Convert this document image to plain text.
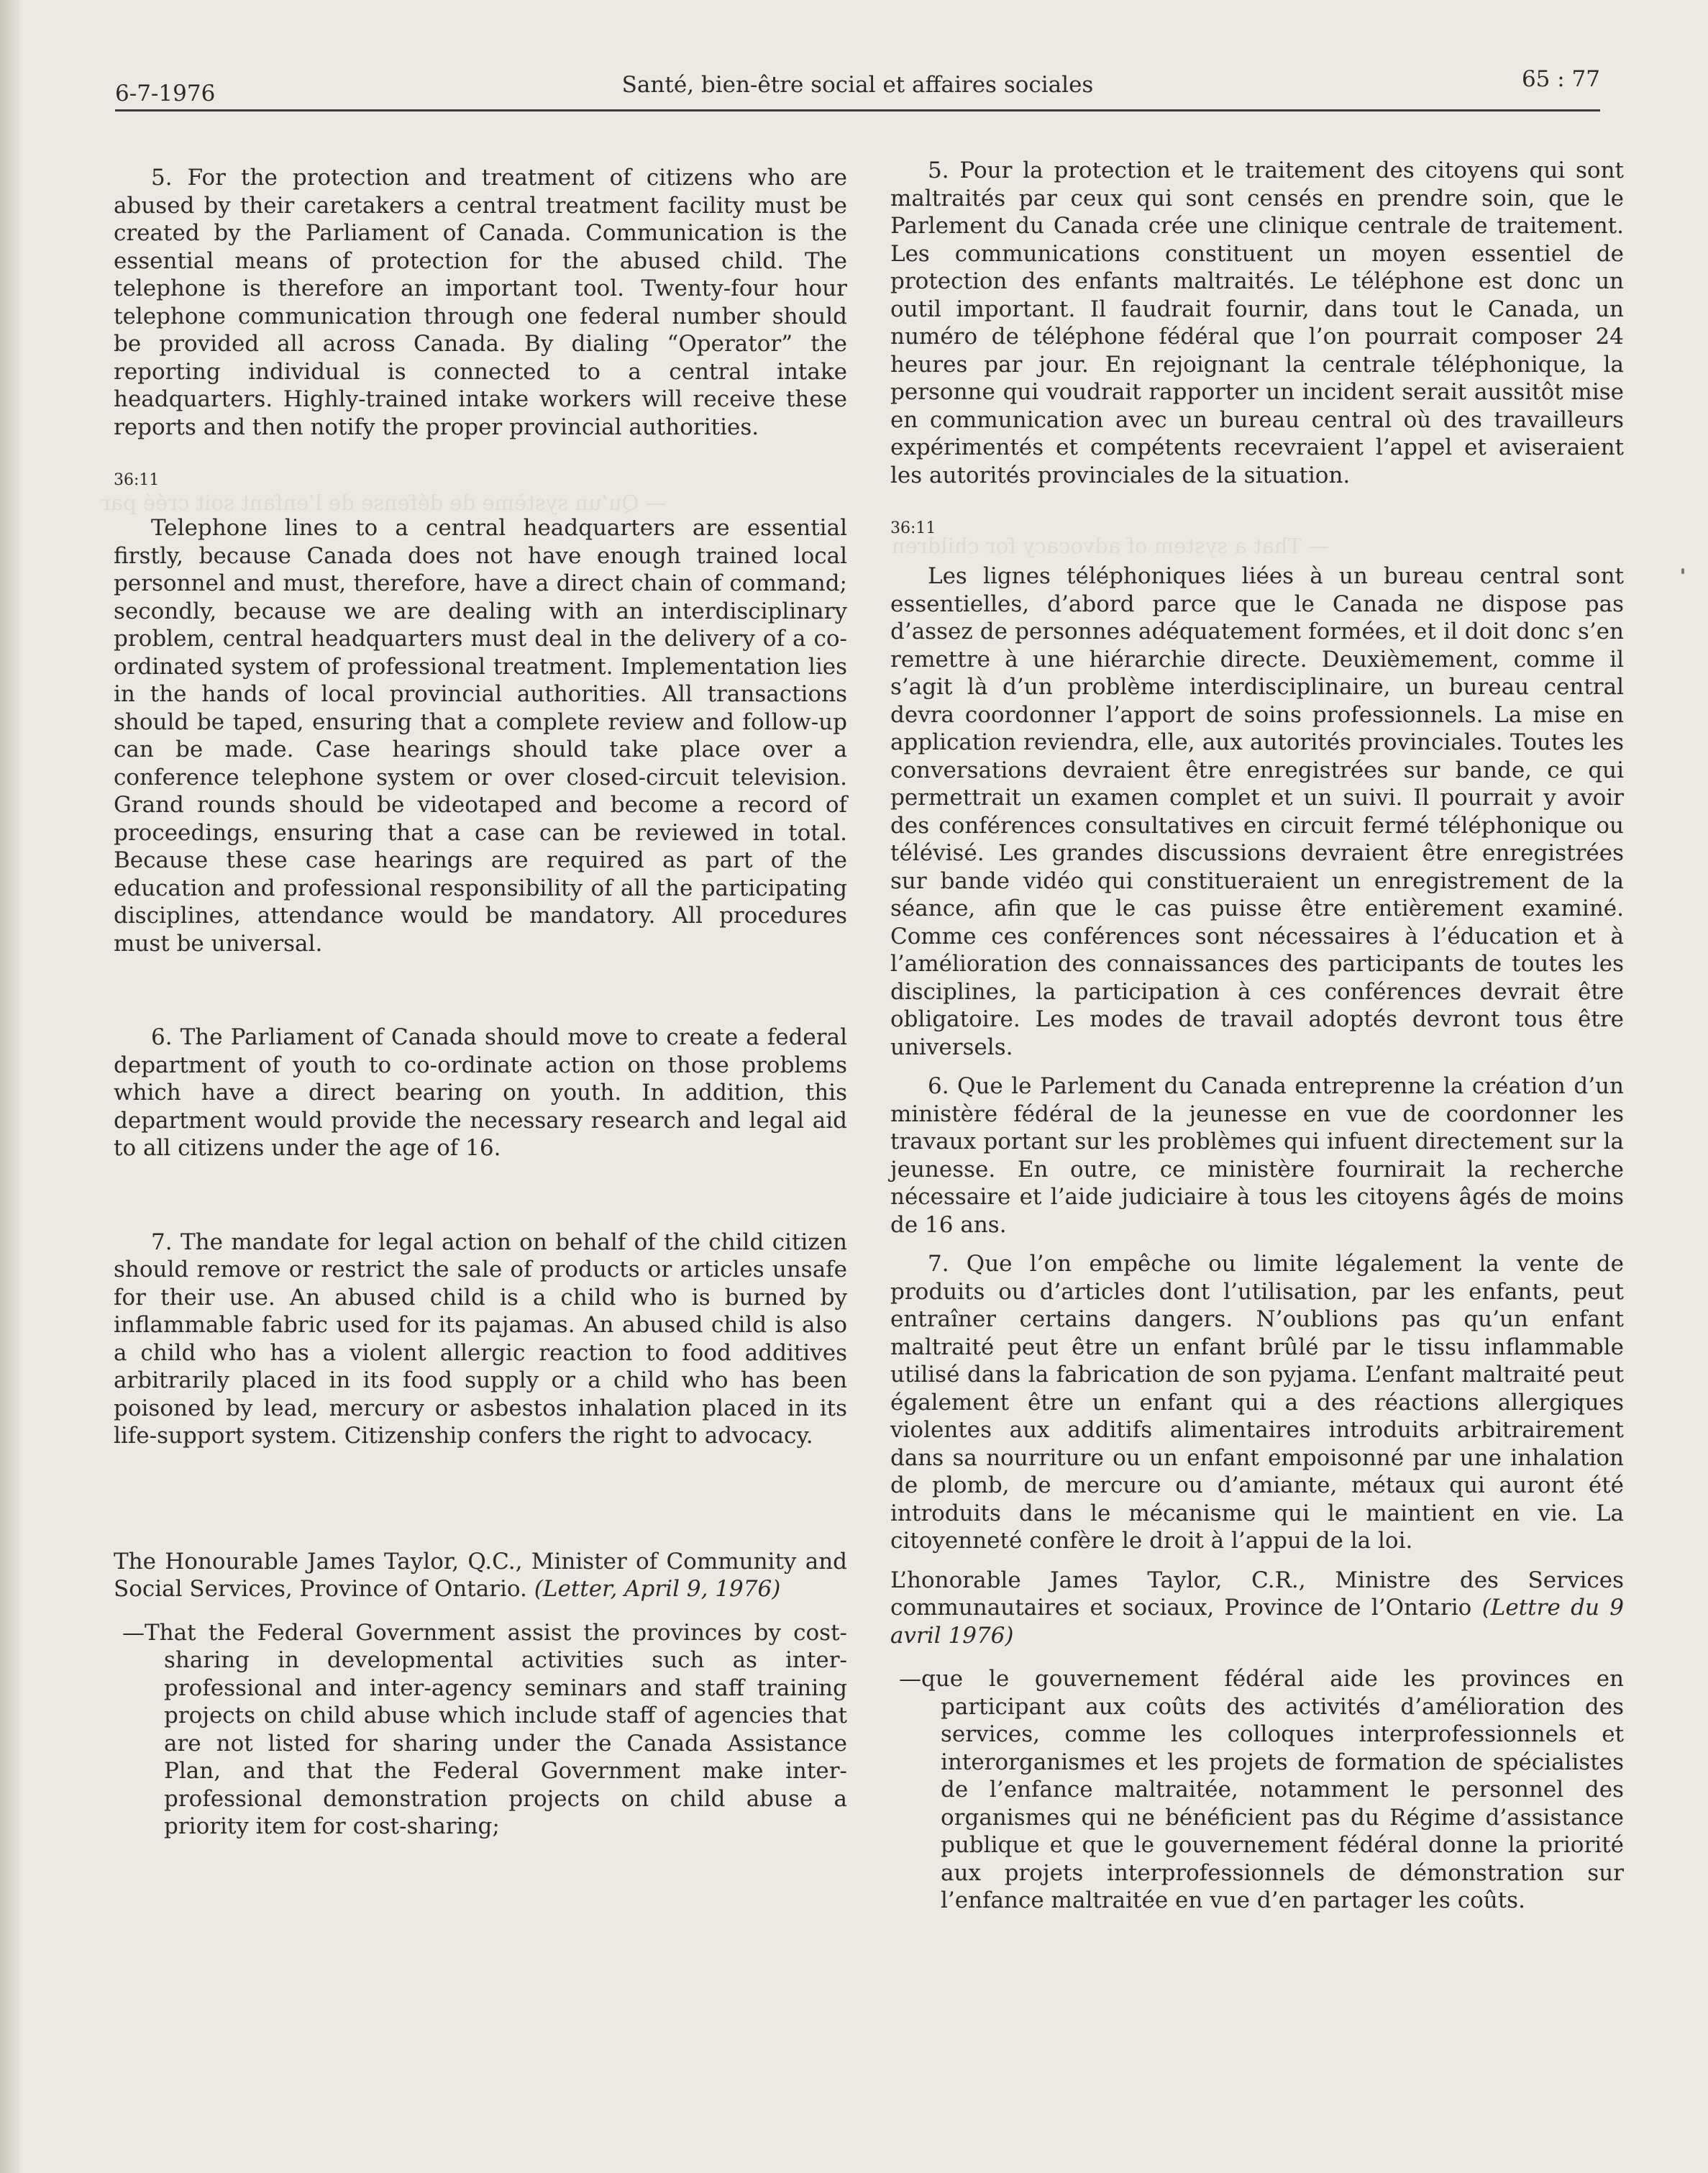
— Qu’un système de défense de l’enfant soit créé par
— That a system of advocacy for children
6-7-1976	Santé, bien-être social et affaires sociales	65 : 77

5. For the protection and treatment of citizens who are abused by their caretakers a central treatment facility must be created by the Parliament of Canada. Communication is the essential means of protection for the abused child. The telephone is therefore an important tool. Twenty-four hour telephone communication through one federal number should be provided all across Canada. By dialing “Operator” the reporting individual is connected to a central intake headquarters. Highly-trained intake workers will receive these reports and then notify the proper provincial authorities.

36:11

Telephone lines to a central headquarters are essential firstly, because Canada does not have enough trained local personnel and must, therefore, have a direct chain of command; secondly, because we are dealing with an interdisciplinary problem, central headquarters must deal in the delivery of a co-ordinated system of professional treatment. Implementation lies in the hands of local provincial authorities. All transactions should be taped, ensuring that a complete review and follow-up can be made. Case hearings should take place over a conference telephone system or over closed-circuit television. Grand rounds should be videotaped and become a record of proceedings, ensuring that a case can be reviewed in total. Because these case hearings are required as part of the education and professional responsibility of all the participating disciplines, attendance would be mandatory. All procedures must be universal.

6. The Parliament of Canada should move to create a federal department of youth to co-ordinate action on those problems which have a direct bearing on youth. In addition, this department would provide the necessary research and legal aid to all citizens under the age of 16.

7. The mandate for legal action on behalf of the child citizen should remove or restrict the sale of products or articles unsafe for their use. An abused child is a child who is burned by inflammable fabric used for its pajamas. An abused child is also a child who has a violent allergic reaction to food additives arbitrarily placed in its food supply or a child who has been poisoned by lead, mercury or asbestos inhalation placed in its life-support system. Citizenship confers the right to advocacy.

The Honourable James Taylor, Q.C., Minister of Community and Social Services, Province of Ontario. (Letter, April 9, 1976)

—That the Federal Government assist the provinces by cost-sharing in developmental activities such as inter-professional and inter-agency seminars and staff training projects on child abuse which include staff of agencies that are not listed for sharing under the Canada Assistance Plan, and that the Federal Government make inter-professional demonstration projects on child abuse a priority item for cost-sharing;

5. Pour la protection et le traitement des citoyens qui sont maltraités par ceux qui sont censés en prendre soin, que le Parlement du Canada crée une clinique centrale de traitement. Les communications constituent un moyen essentiel de protection des enfants maltraités. Le téléphone est donc un outil important. Il faudrait fournir, dans tout le Canada, un numéro de téléphone fédéral que l’on pourrait composer 24 heures par jour. En rejoignant la centrale téléphonique, la personne qui voudrait rapporter un incident serait aussitôt mise en communication avec un bureau central où des travailleurs expérimentés et compétents recevraient l’appel et aviseraient les autorités provinciales de la situation.

36:11

Les lignes téléphoniques liées à un bureau central sont essentielles, d’abord parce que le Canada ne dispose pas d’assez de personnes adéquatement formées, et il doit donc s’en remettre à une hiérarchie directe. Deuxièmement, comme il s’agit là d’un problème interdisciplinaire, un bureau central devra coordonner l’apport de soins professionnels. La mise en application reviendra, elle, aux autorités provinciales. Toutes les conversations devraient être enregistrées sur bande, ce qui permettrait un examen complet et un suivi. Il pourrait y avoir des conférences consultatives en circuit fermé téléphonique ou télévisé. Les grandes discussions devraient être enregistrées sur bande vidéo qui constitueraient un enregistrement de la séance, afin que le cas puisse être entièrement examiné. Comme ces conférences sont nécessaires à l’éducation et à l’amélioration des connaissances des participants de toutes les disciplines, la participation à ces conférences devrait être obligatoire. Les modes de travail adoptés devront tous être universels.

6. Que le Parlement du Canada entreprenne la création d’un ministère fédéral de la jeunesse en vue de coordonner les travaux portant sur les problèmes qui infuent directement sur la jeunesse. En outre, ce ministère fournirait la recherche nécessaire et l’aide judiciaire à tous les citoyens âgés de moins de 16 ans.

7. Que l’on empêche ou limite légalement la vente de produits ou d’articles dont l’utilisation, par les enfants, peut entraîner certains dangers. N’oublions pas qu’un enfant maltraité peut être un enfant brûlé par le tissu inflammable utilisé dans la fabrication de son pyjama. L’enfant maltraité peut également être un enfant qui a des réactions allergiques violentes aux additifs alimentaires introduits arbitrairement dans sa nourriture ou un enfant empoisonné par une inhalation de plomb, de mercure ou d’amiante, métaux qui auront été introduits dans le mécanisme qui le maintient en vie. La citoyenneté confère le droit à l’appui de la loi.

L’honorable James Taylor, C.R., Ministre des Services communautaires et sociaux, Province de l’Ontario (Lettre du 9 avril 1976)

—que le gouvernement fédéral aide les provinces en participant aux coûts des activités d’amélioration des services, comme les colloques interprofessionnels et interorganismes et les projets de formation de spécialistes de l’enfance maltraitée, notamment le personnel des organismes qui ne bénéficient pas du Régime d’assistance publique et que le gouvernement fédéral donne la priorité aux projets interprofessionnels de démonstration sur l’enfance maltraitée en vue d’en partager les coûts.
